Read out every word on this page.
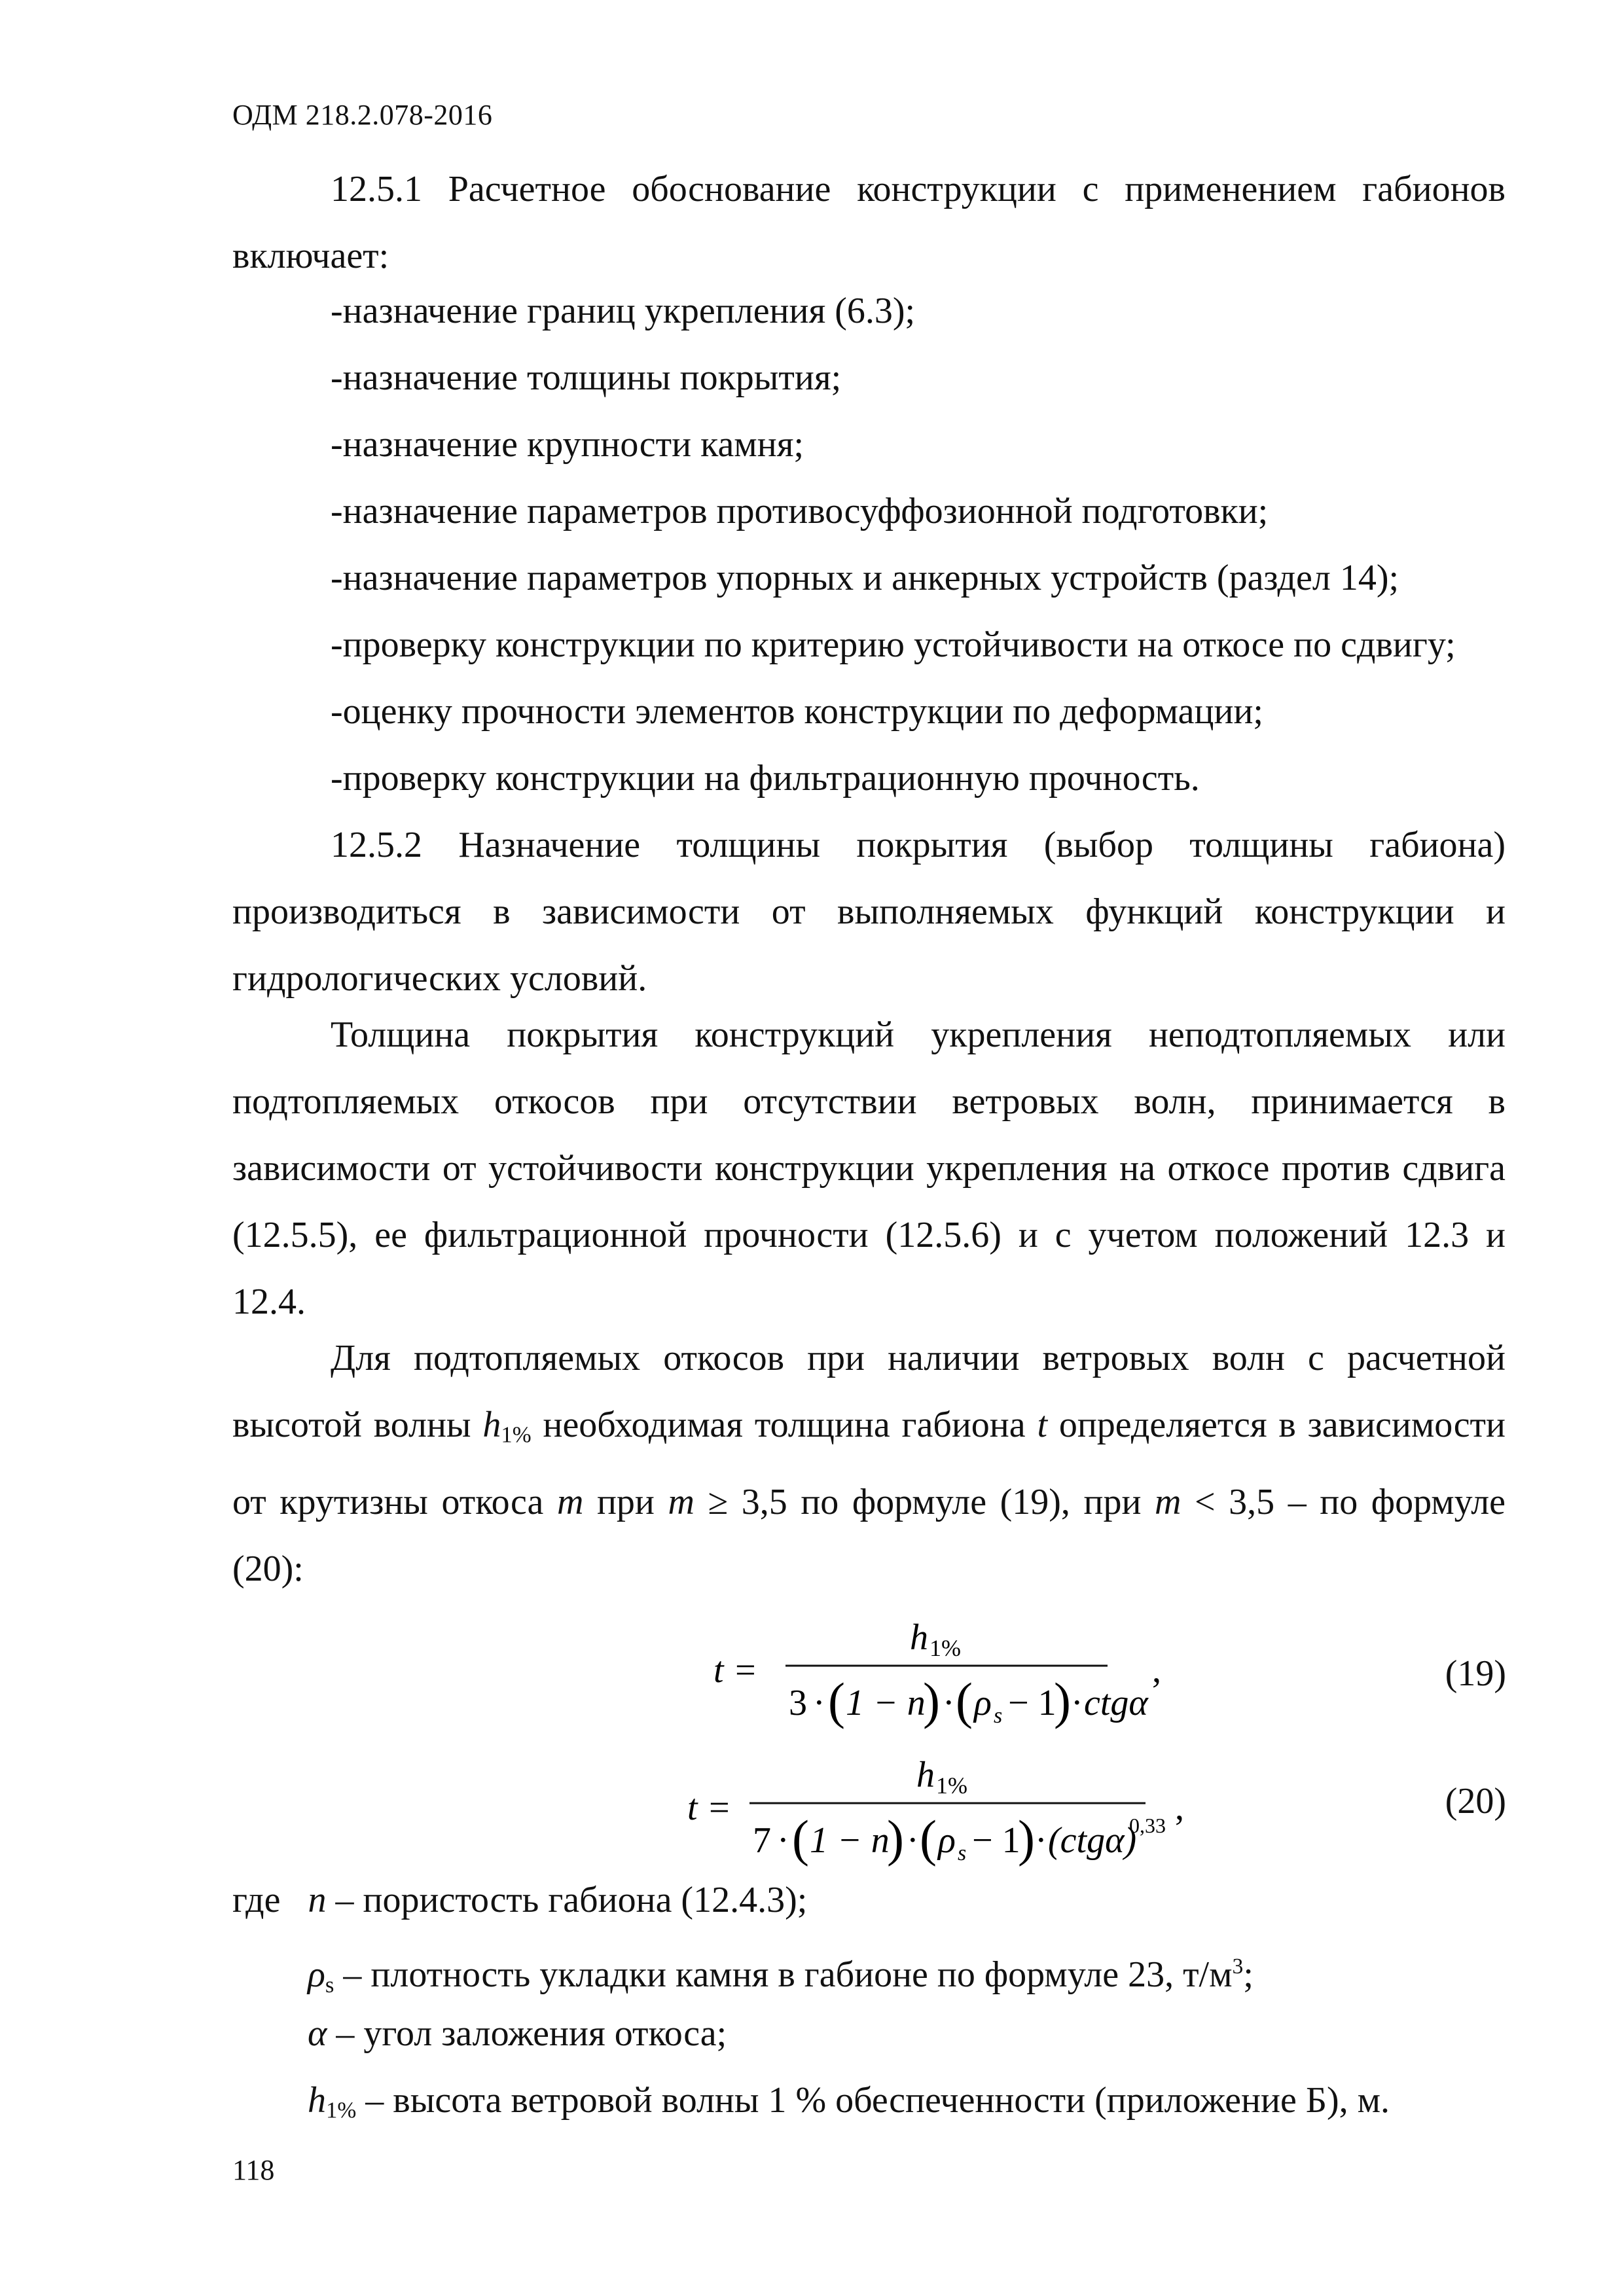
ОДМ 218.2.078-2016
12.5.1 Расчетное обоснование конструкции с применением габионов
включает:
-назначение границ укрепления (6.3);
-назначение толщины покрытия;
-назначение крупности камня;
-назначение параметров противосуффозионной подготовки;
-назначение параметров упорных и анкерных устройств (раздел 14);
-проверку конструкции по критерию устойчивости на откосе по сдвигу;
-оценку прочности элементов конструкции по деформации;
-проверку конструкции на фильтрационную прочность.
12.5.2 Назначение толщины покрытия (выбор толщины габиона) производиться в зависимости от выполняемых функций конструкции и гидрологических условий.
Толщина покрытия конструкций укрепления неподтопляемых или подтопляемых откосов при отсутствии ветровых волн, принимается в зависимости от устойчивости конструкции укрепления на откосе против сдвига (12.5.5), ее фильтрационной прочности (12.5.6) и с учетом положений 12.3 и 12.4.
Для подтопляемых откосов при наличии ветровых волн с расчетной высотой волны $h_{1\%}$ необходимая толщина габиона t определяется в зависимости от крутизны откоса m при m ≥ 3,5 по формуле (19), при m < 3,5 – по формуле (20):
t =
h 1%
3 · ( 1 − n
) · ( ρ s − 1
) · ctgα
,	(19)
t =
h 1%
7 · ( 1 − n
) · ( ρ s − 1
) · (ctgα)
0,33 ,	(20)
где n – пористость габиона (12.4.3);
$\rho_s$ – плотность укладки камня в габионе по формуле 23, $т/м^3$;
α – угол заложения откоса;
$h_{1\%}$ – высота ветровой волны 1 % обеспеченности (приложение Б), м.
118
